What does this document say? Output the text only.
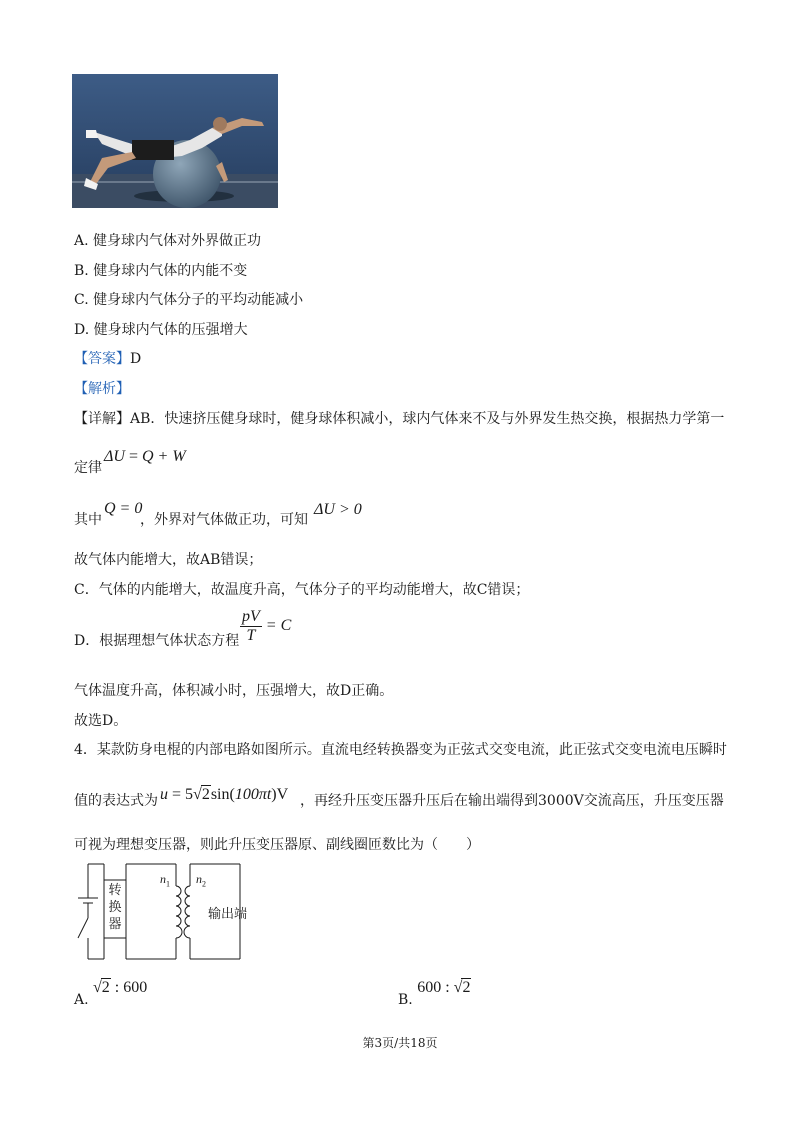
A. 健身球内气体对外界做正功
B. 健身球内气体的内能不变
C. 健身球内气体分子的平均动能减小
D. 健身球内气体的压强增大
【答案】D
【解析】
【详解】AB．快速挤压健身球时，健身球体积减小，球内气体来不及与外界发生热交换，根据热力学第一
定律
ΔU = Q + W
其中
Q = 0
，外界对气体做正功，可知
ΔU > 0
故气体内能增大，故AB错误；
C．气体的内能增大，故温度升高，气体分子的平均动能增大，故C错误；
D．根据理想气体状态方程 $\frac{pV}{T} = C$
气体温度升高，体积减小时，压强增大，故D正确。
故选D。
4．某款防身电棍的内部电路如图所示。直流电经转换器变为正弦式交变电流，此正弦式交变电流电压瞬时
值的表达式为 u = 5√2sin(100πt)V ，再经升压变压器升压后在输出端得到3000V交流高压，升压变压器
可视为理想变压器，则此升压变压器原、副线圈匝数比为（　　）
转
换
器
$n_1$ $n_2$
输出端
A. √2 : 600
B. 600 : √2
第3页/共18页
